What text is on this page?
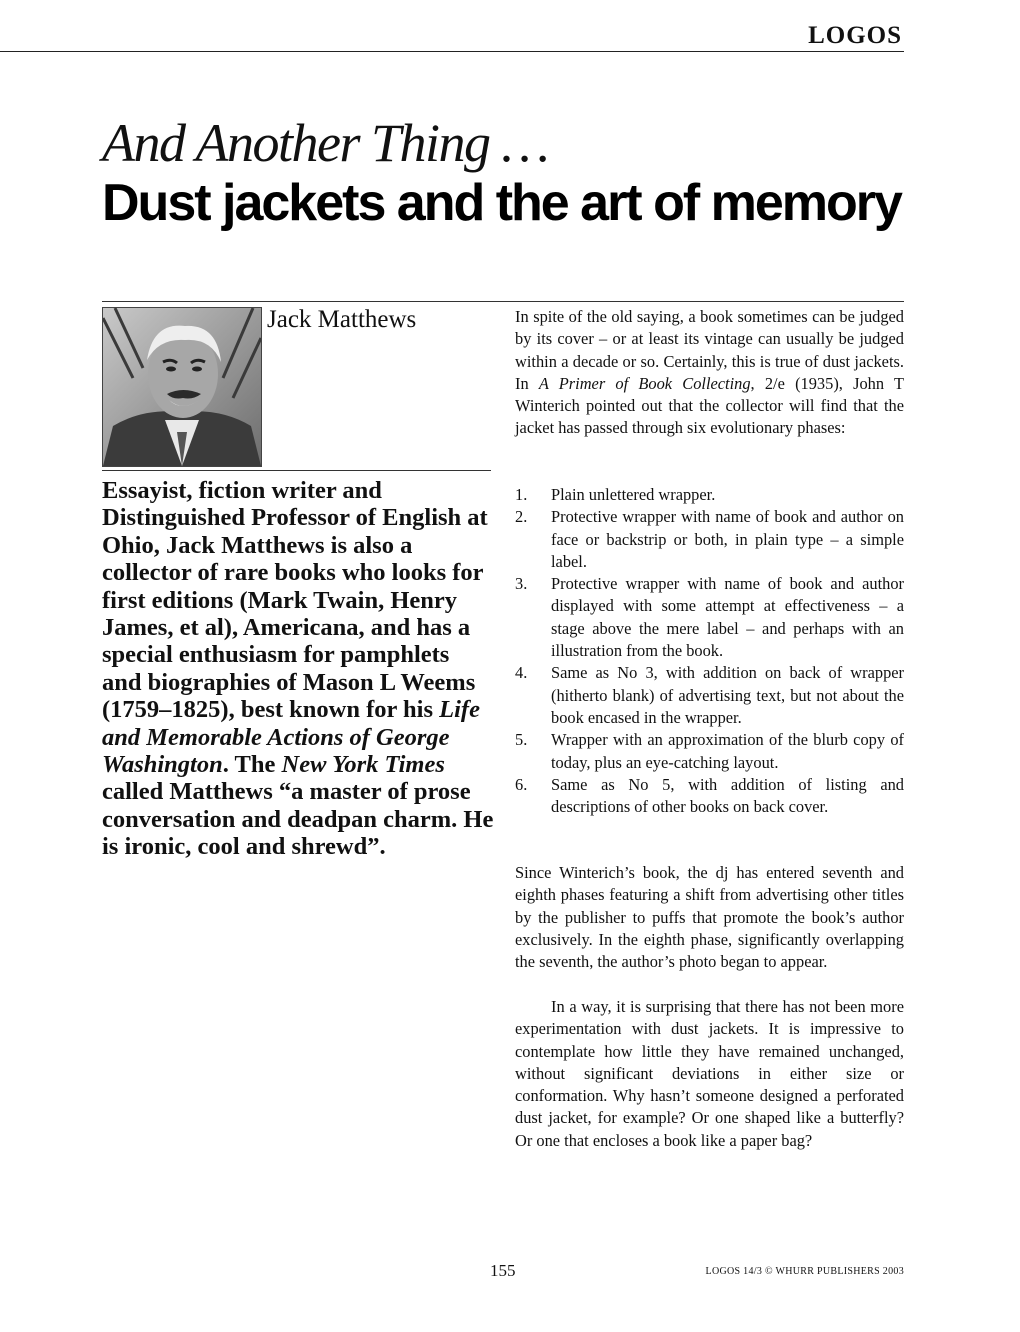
LOGOS
And Another Thing …
Dust jackets and the art of memory
Jack Matthews
Essayist, fiction writer and Distinguished Professor of English at Ohio, Jack Matthews is also a collector of rare books who looks for first editions (Mark Twain, Henry James, et al), Americana, and has a special enthusiasm for pamphlets and biographies of Mason L Weems (1759–1825), best known for his Life and Memorable Actions of George Washington. The New York Times called Matthews “a master of prose conversation and deadpan charm. He is ironic, cool and shrewd”.
In spite of the old saying, a book sometimes can be judged by its cover – or at least its vintage can usually be judged within a decade or so. Certainly, this is true of dust jackets. In A Primer of Book Collecting, 2/e (1935), John T Winterich pointed out that the collector will find that the jacket has passed through six evolutionary phases:
1. Plain unlettered wrapper.
2. Protective wrapper with name of book and author on face or backstrip or both, in plain type – a simple label.
3. Protective wrapper with name of book and author displayed with some attempt at effectiveness – a stage above the mere label – and perhaps with an illustration from the book.
4. Same as No 3, with addition on back of wrapper (hitherto blank) of advertising text, but not about the book encased in the wrapper.
5. Wrapper with an approximation of the blurb copy of today, plus an eye-catching layout.
6. Same as No 5, with addition of listing and descriptions of other books on back cover.
Since Winterich’s book, the dj has entered seventh and eighth phases featuring a shift from advertising other titles by the publisher to puffs that promote the book’s author exclusively. In the eighth phase, significantly overlapping the seventh, the author’s photo began to appear.
In a way, it is surprising that there has not been more experimentation with dust jackets. It is impressive to contemplate how little they have remained unchanged, without significant deviations in either size or conformation. Why hasn’t someone designed a perforated dust jacket, for example? Or one shaped like a butterfly? Or one that encloses a book like a paper bag?
155	LOGOS 14/3 © WHURR PUBLISHERS 2003
